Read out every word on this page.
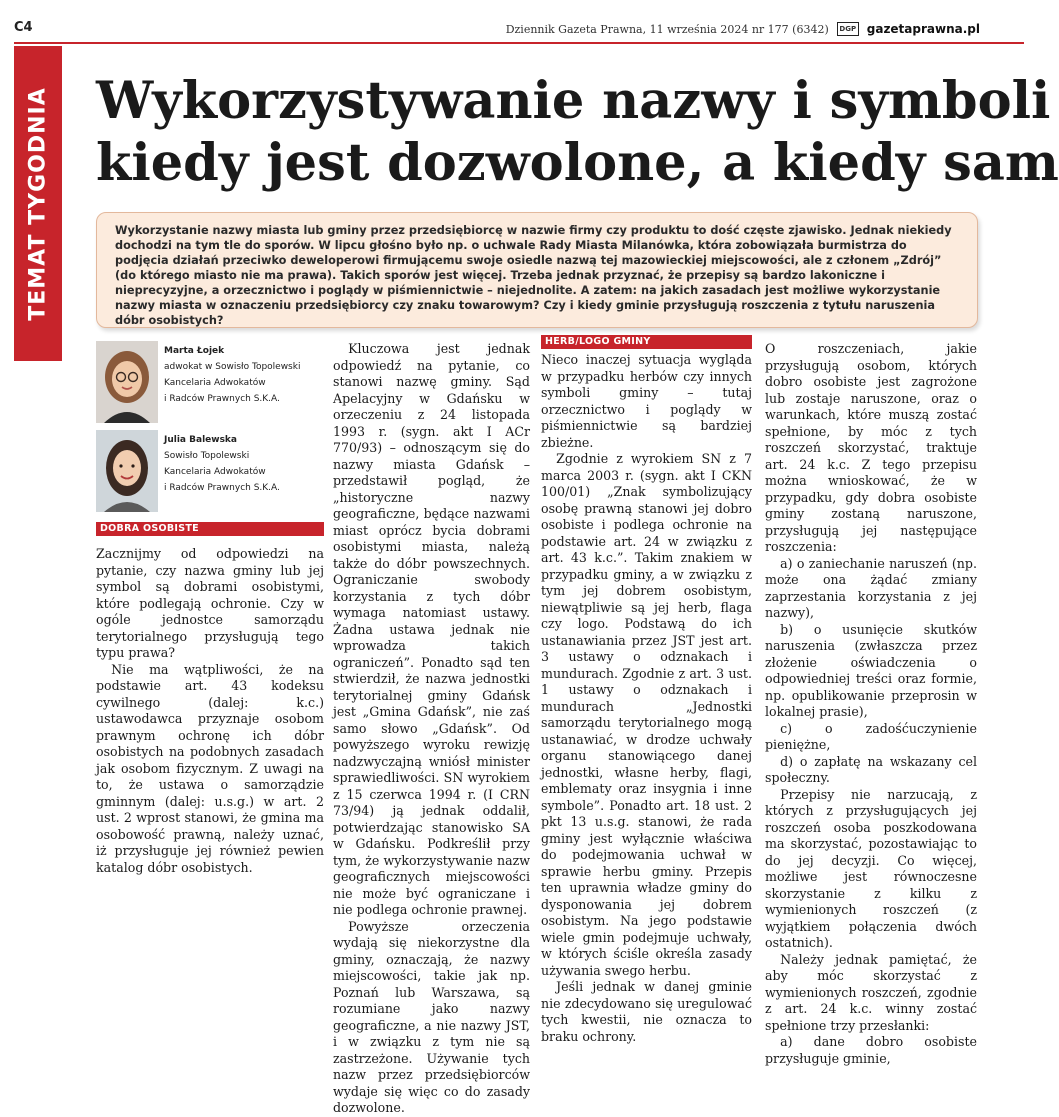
C4	Dziennik Gazeta Prawna, 11 września 2024 nr 177 (6342)	DGP gazetaprawna.pl
TEMAT TYGODNIA Wykorzystywanie nazwy i symboli
kiedy jest dozwolone, a kiedy sam

Wykorzystanie nazwy miasta lub gminy przez przedsiębiorcę w nazwie firmy czy produktu to dość częste zjawisko. Jednak niekiedy dochodzi na tym tle do sporów. W lipcu głośno było np. o uchwale Rady Miasta Milanówka, która zobowiązała burmistrza do podjęcia działań przeciwko deweloperowi firmującemu swoje osiedle nazwą tej mazowieckiej miejscowości, ale z członem „Zdrój” (do którego miasto nie ma prawa). Takich sporów jest więcej. Trzeba jednak przyznać, że przepisy są bardzo lakoniczne i nieprecyzyjne, a orzecznictwo i poglądy w piśmiennictwie – niejednolite. A zatem: na jakich zasadach jest możliwe wykorzystanie nazwy miasta w oznaczeniu przedsiębiorcy czy znaku towarowym? Czy i kiedy gminie przysługują roszczenia z tytułu naruszenia dóbr osobistych?

Marta Łojek
adwokat w Sowisło Topolewski
Kancelaria Adwokatów
i Radców Prawnych S.K.A.
Julia Balewska
Sowisło Topolewski
Kancelaria Adwokatów
i Radców Prawnych S.K.A.
DOBRA OSOBISTE

Zacznijmy od odpowiedzi na pytanie, czy nazwa gminy lub jej symbol są dobrami osobistymi, które podlegają ochronie. Czy w ogóle jednostce samorządu terytorialnego przysługują tego typu prawa?

Nie ma wątpliwości, że na podstawie art. 43 kodeksu cywilnego (dalej: k.c.) ustawodawca przyznaje osobom prawnym ochronę ich dóbr osobistych na podobnych zasadach jak osobom fizycznym. Z uwagi na to, że ustawa o samorządzie gminnym (dalej: u.s.g.) w art. 2 ust. 2 wprost stanowi, że gmina ma osobowość prawną, należy uznać, iż przysługuje jej również pewien katalog dóbr osobistych.

Kluczowa jest jednak odpowiedź na pytanie, co stanowi nazwę gminy. Sąd Apelacyjny w Gdańsku w orzeczeniu z 24 listopada 1993 r. (sygn. akt I ACr 770/93) – odnoszącym się do nazwy miasta Gdańsk – przedstawił pogląd, że „historyczne nazwy geograficzne, będące nazwami miast oprócz bycia dobrami osobistymi miasta, należą także do dóbr powszechnych. Ograniczanie swobody korzystania z tych dóbr wymaga natomiast ustawy. Żadna ustawa jednak nie wprowadza takich ograniczeń”. Ponadto sąd ten stwierdził, że nazwa jednostki terytorialnej gminy Gdańsk jest „Gmina Gdańsk”, nie zaś samo słowo „Gdańsk”. Od powyższego wyroku rewizję nadzwyczajną wniósł minister sprawiedliwości. SN wyrokiem z 15 czerwca 1994 r. (I CRN 73/94) ją jednak oddalił, potwierdzając stanowisko SA w Gdańsku. Podkreślił przy tym, że wykorzystywanie nazw geograficznych miejscowości nie może być ograniczane i nie podlega ochronie prawnej.

Powyższe orzeczenia wydają się niekorzystne dla gminy, oznaczają, że nazwy miejscowości, takie jak np. Poznań lub Warszawa, są rozumiane jako nazwy geograficzne, a nie nazwy JST, i w związku z tym nie są zastrzeżone. Używanie tych nazw przez przedsiębiorców wydaje się więc co do zasady dozwolone.

HERB/LOGO GMINY

Nieco inaczej sytuacja wygląda w przypadku herbów czy innych symboli gminy – tutaj orzecznictwo i poglądy w piśmiennictwie są bardziej zbieżne.

Zgodnie z wyrokiem SN z 7 marca 2003 r. (sygn. akt I CKN 100/01) „Znak symbolizujący osobę prawną stanowi jej dobro osobiste i podlega ochronie na podstawie art. 24 w związku z art. 43 k.c.”. Takim znakiem w przypadku gminy, a w związku z tym jej dobrem osobistym, niewątpliwie są jej herb, flaga czy logo. Podstawą do ich ustanawiania przez JST jest art. 3 ustawy o odznakach i mundurach. Zgodnie z art. 3 ust. 1 ustawy o odznakach i mundurach „Jednostki samorządu terytorialnego mogą ustanawiać, w drodze uchwały organu stanowiącego danej jednostki, własne herby, flagi, emblematy oraz insygnia i inne symbole”. Ponadto art. 18 ust. 2 pkt 13 u.s.g. stanowi, że rada gminy jest wyłącznie właściwa do podejmowania uchwał w sprawie herbu gminy. Przepis ten uprawnia władze gminy do dysponowania jej dobrem osobistym. Na jego podstawie wiele gmin podejmuje uchwały, w których ściśle określa zasady używania swego herbu.

Jeśli jednak w danej gminie nie zdecydowano się uregulować tych kwestii, nie oznacza to braku ochrony.

O roszczeniach, jakie przysługują osobom, których dobro osobiste jest zagrożone lub zostaje naruszone, oraz o warunkach, które muszą zostać spełnione, by móc z tych roszczeń skorzystać, traktuje art. 24 k.c. Z tego przepisu można wnioskować, że w przypadku, gdy dobra osobiste gminy zostaną naruszone, przysługują jej następujące roszczenia:

a) o zaniechanie naruszeń (np. może ona żądać zmiany zaprzestania korzystania z jej nazwy),

b) o usunięcie skutków naruszenia (zwłaszcza przez złożenie oświadczenia o odpowiedniej treści oraz formie, np. opublikowanie przeprosin w lokalnej prasie),

c) o zadośćuczynienie pieniężne,

d) o zapłatę na wskazany cel społeczny.

Przepisy nie narzucają, z których z przysługujących jej roszczeń osoba poszkodowana ma skorzystać, pozostawiając to do jej decyzji. Co więcej, możliwe jest równoczesne skorzystanie z kilku z wymienionych roszczeń (z wyjątkiem połączenia dwóch ostatnich).

Należy jednak pamiętać, że aby móc skorzystać z wymienionych roszczeń, zgodnie z art. 24 k.c. winny zostać spełnione trzy przesłanki:

a) dane dobro osobiste przysługuje gminie,
